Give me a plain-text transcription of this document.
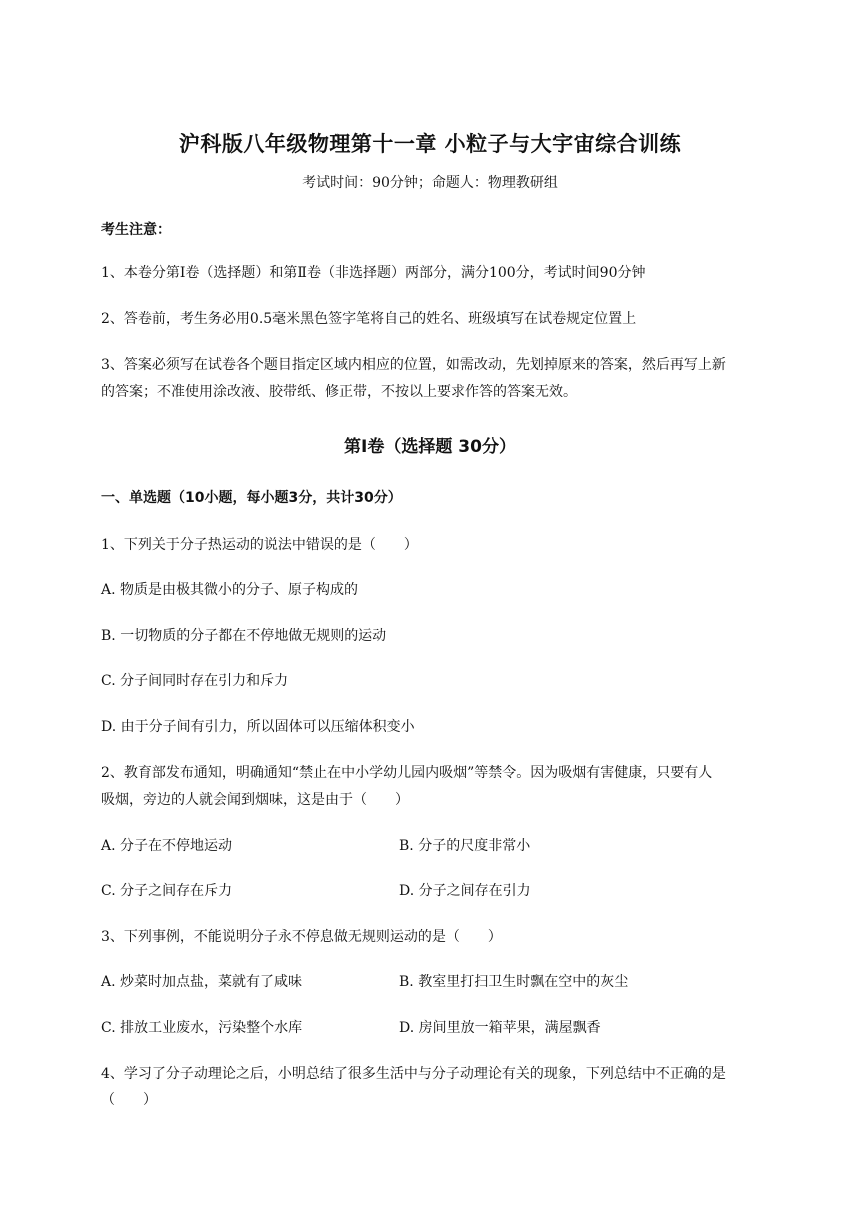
沪科版八年级物理第十一章 小粒子与大宇宙综合训练
考试时间：90分钟；命题人：物理教研组
考生注意：
1、本卷分第Ⅰ卷（选择题）和第Ⅱ卷（非选择题）两部分，满分100分，考试时间90分钟
2、答卷前，考生务必用0.5毫米黑色签字笔将自己的姓名、班级填写在试卷规定位置上
3、答案必须写在试卷各个题目指定区域内相应的位置，如需改动，先划掉原来的答案，然后再写上新
的答案；不准使用涂改液、胶带纸、修正带，不按以上要求作答的答案无效。
第Ⅰ卷（选择题 30分）
一、单选题（10小题，每小题3分，共计30分）
1、下列关于分子热运动的说法中错误的是（　　）
A. 物质是由极其微小的分子、原子构成的
B. 一切物质的分子都在不停地做无规则的运动
C. 分子间同时存在引力和斥力
D. 由于分子间有引力，所以固体可以压缩体积变小
2、教育部发布通知，明确通知“禁止在中小学幼儿园内吸烟”等禁令。因为吸烟有害健康，只要有人
吸烟，旁边的人就会闻到烟味，这是由于（　　）
A. 分子在不停地运动	B. 分子的尺度非常小
C. 分子之间存在斥力	D. 分子之间存在引力
3、下列事例，不能说明分子永不停息做无规则运动的是（　　）
A. 炒菜时加点盐，菜就有了咸味	B. 教室里打扫卫生时飘在空中的灰尘
C. 排放工业废水，污染整个水库	D. 房间里放一箱苹果，满屋飘香
4、学习了分子动理论之后，小明总结了很多生活中与分子动理论有关的现象，下列总结中不正确的是
（　　）
